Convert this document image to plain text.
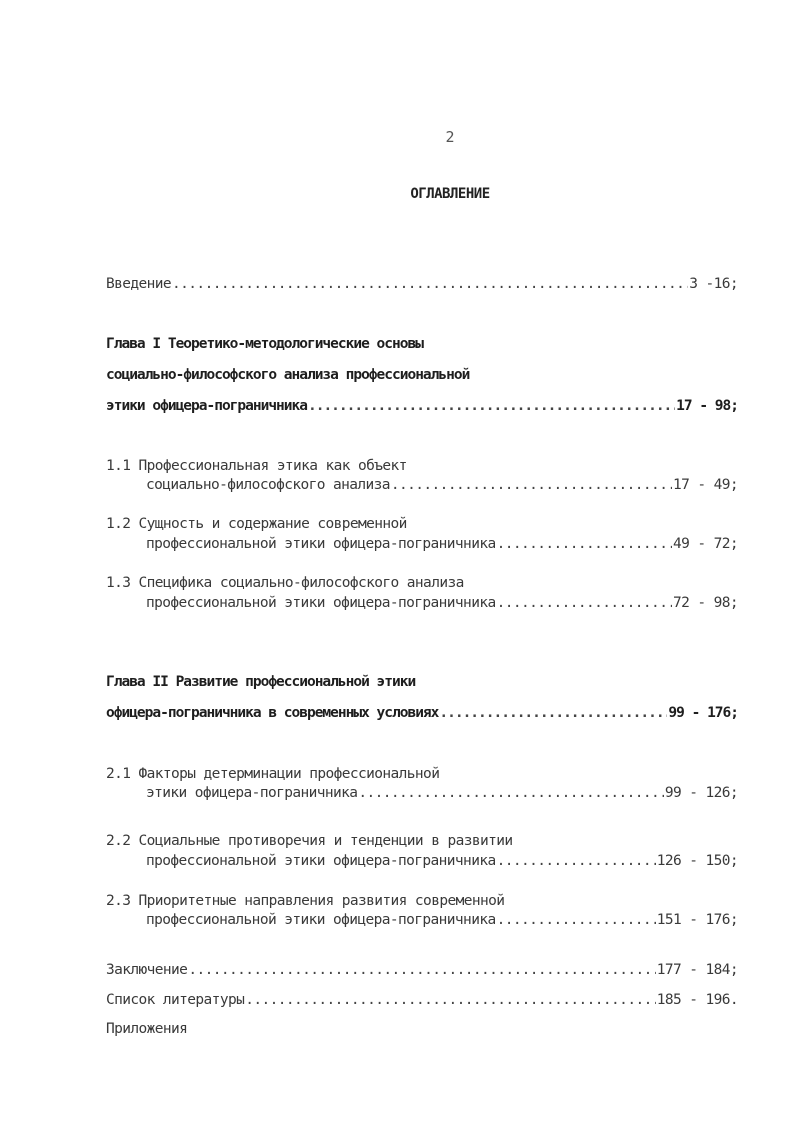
2
ОГЛАВЛЕНИЕ
Введение .....	3 -16;
Глава I Теоретико-методологические основы
социально-философского анализа профессиональной
этики офицера-пограничника .....	17 - 98;
1.1 Профессиональная этика как объект
социально-философского анализа .....	17 - 49;
1.2 Сущность и содержание современной
профессиональной этики офицера-пограничника .....	49 - 72;
1.3 Специфика социально-философского анализа
профессиональной этики офицера-пограничника .....	72 - 98;
Глава II Развитие профессиональной этики
офицера-пограничника в современных условиях .....	99 - 176;
2.1 Факторы детерминации профессиональной
этики офицера-пограничника .....	99 - 126;
2.2 Социальные противоречия и тенденции в развитии
профессиональной этики офицера-пограничника .....	126 - 150;
2.3 Приоритетные направления развития современной
профессиональной этики офицера-пограничника .....	151 - 176;
Заключение .....	177 - 184;
Список литературы .....	185 - 196.
Приложения
